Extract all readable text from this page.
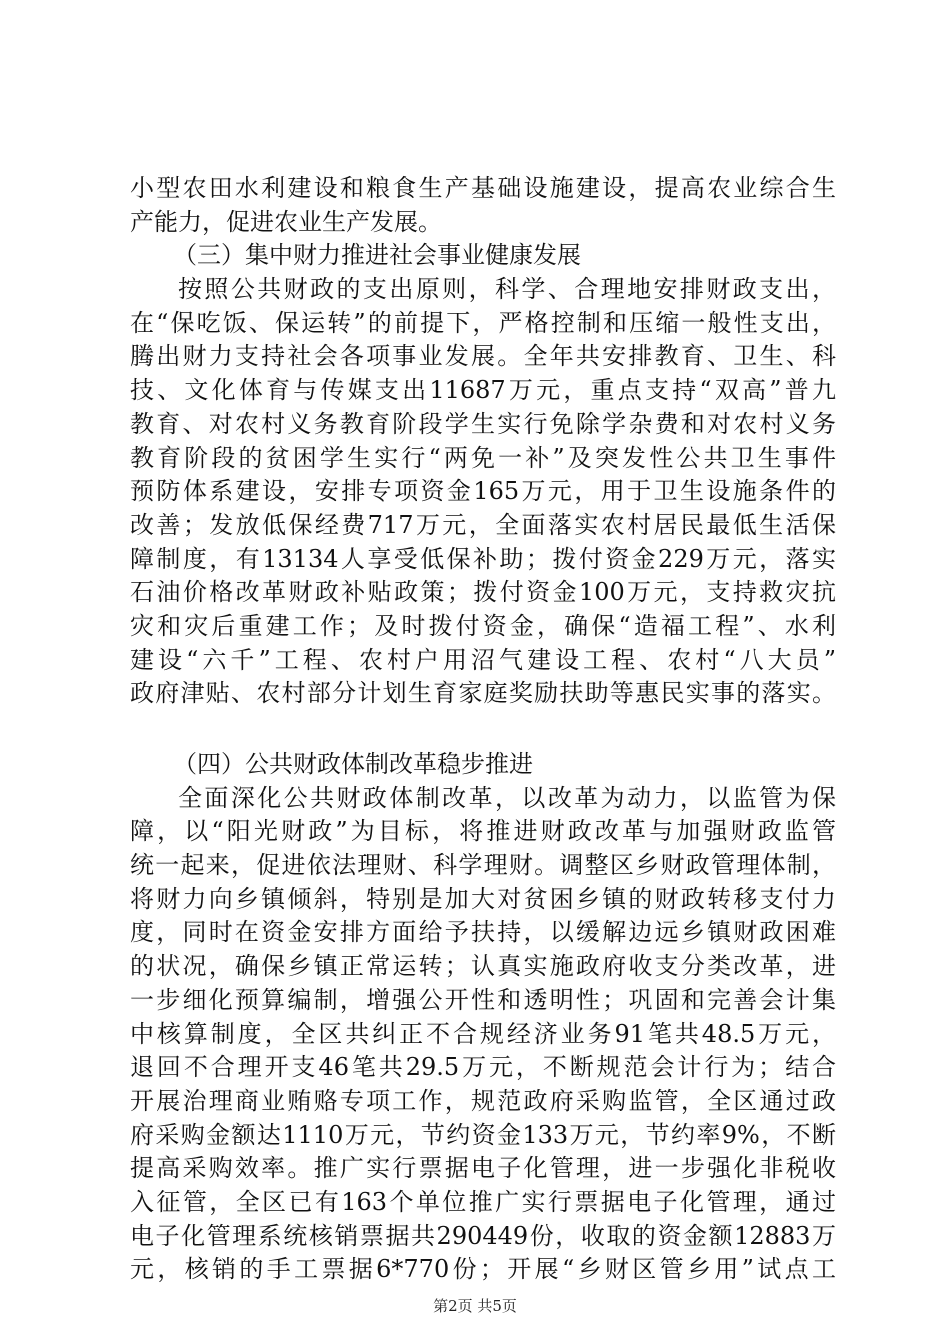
小型农田水利建设和粮食生产基础设施建设，提高农业综合生
产能力，促进农业生产发展。
（三）集中财力推进社会事业健康发展
按照公共财政的支出原则，科学、合理地安排财政支出，
在“保吃饭、保运转”的前提下，严格控制和压缩一般性支出，
腾出财力支持社会各项事业发展。全年共安排教育、卫生、科
技、文化体育与传媒支出11687万元，重点支持“双高”普九
教育、对农村义务教育阶段学生实行免除学杂费和对农村义务
教育阶段的贫困学生实行“两免一补”及突发性公共卫生事件
预防体系建设，安排专项资金165万元，用于卫生设施条件的
改善；发放低保经费717万元，全面落实农村居民最低生活保
障制度，有13134人享受低保补助；拨付资金229万元，落实
石油价格改革财政补贴政策；拨付资金100万元，支持救灾抗
灾和灾后重建工作；及时拨付资金，确保“造福工程”、水利
建设“六千”工程、农村户用沼气建设工程、农村“八大员”
政府津贴、农村部分计划生育家庭奖励扶助等惠民实事的落实。
（四）公共财政体制改革稳步推进
全面深化公共财政体制改革，以改革为动力，以监管为保
障，以“阳光财政”为目标，将推进财政改革与加强财政监管
统一起来，促进依法理财、科学理财。调整区乡财政管理体制，
将财力向乡镇倾斜，特别是加大对贫困乡镇的财政转移支付力
度，同时在资金安排方面给予扶持，以缓解边远乡镇财政困难
的状况，确保乡镇正常运转；认真实施政府收支分类改革，进
一步细化预算编制，增强公开性和透明性；巩固和完善会计集
中核算制度，全区共纠正不合规经济业务91笔共48.5万元，
退回不合理开支46笔共29.5万元，不断规范会计行为；结合
开展治理商业贿赂专项工作，规范政府采购监管，全区通过政
府采购金额达1110万元，节约资金133万元，节约率9%，不断
提高采购效率。推广实行票据电子化管理，进一步强化非税收
入征管，全区已有163个单位推广实行票据电子化管理，通过
电子化管理系统核销票据共290449份，收取的资金额12883万
元，核销的手工票据6*770份；开展“乡财区管乡用”试点工
第2页 共5页
